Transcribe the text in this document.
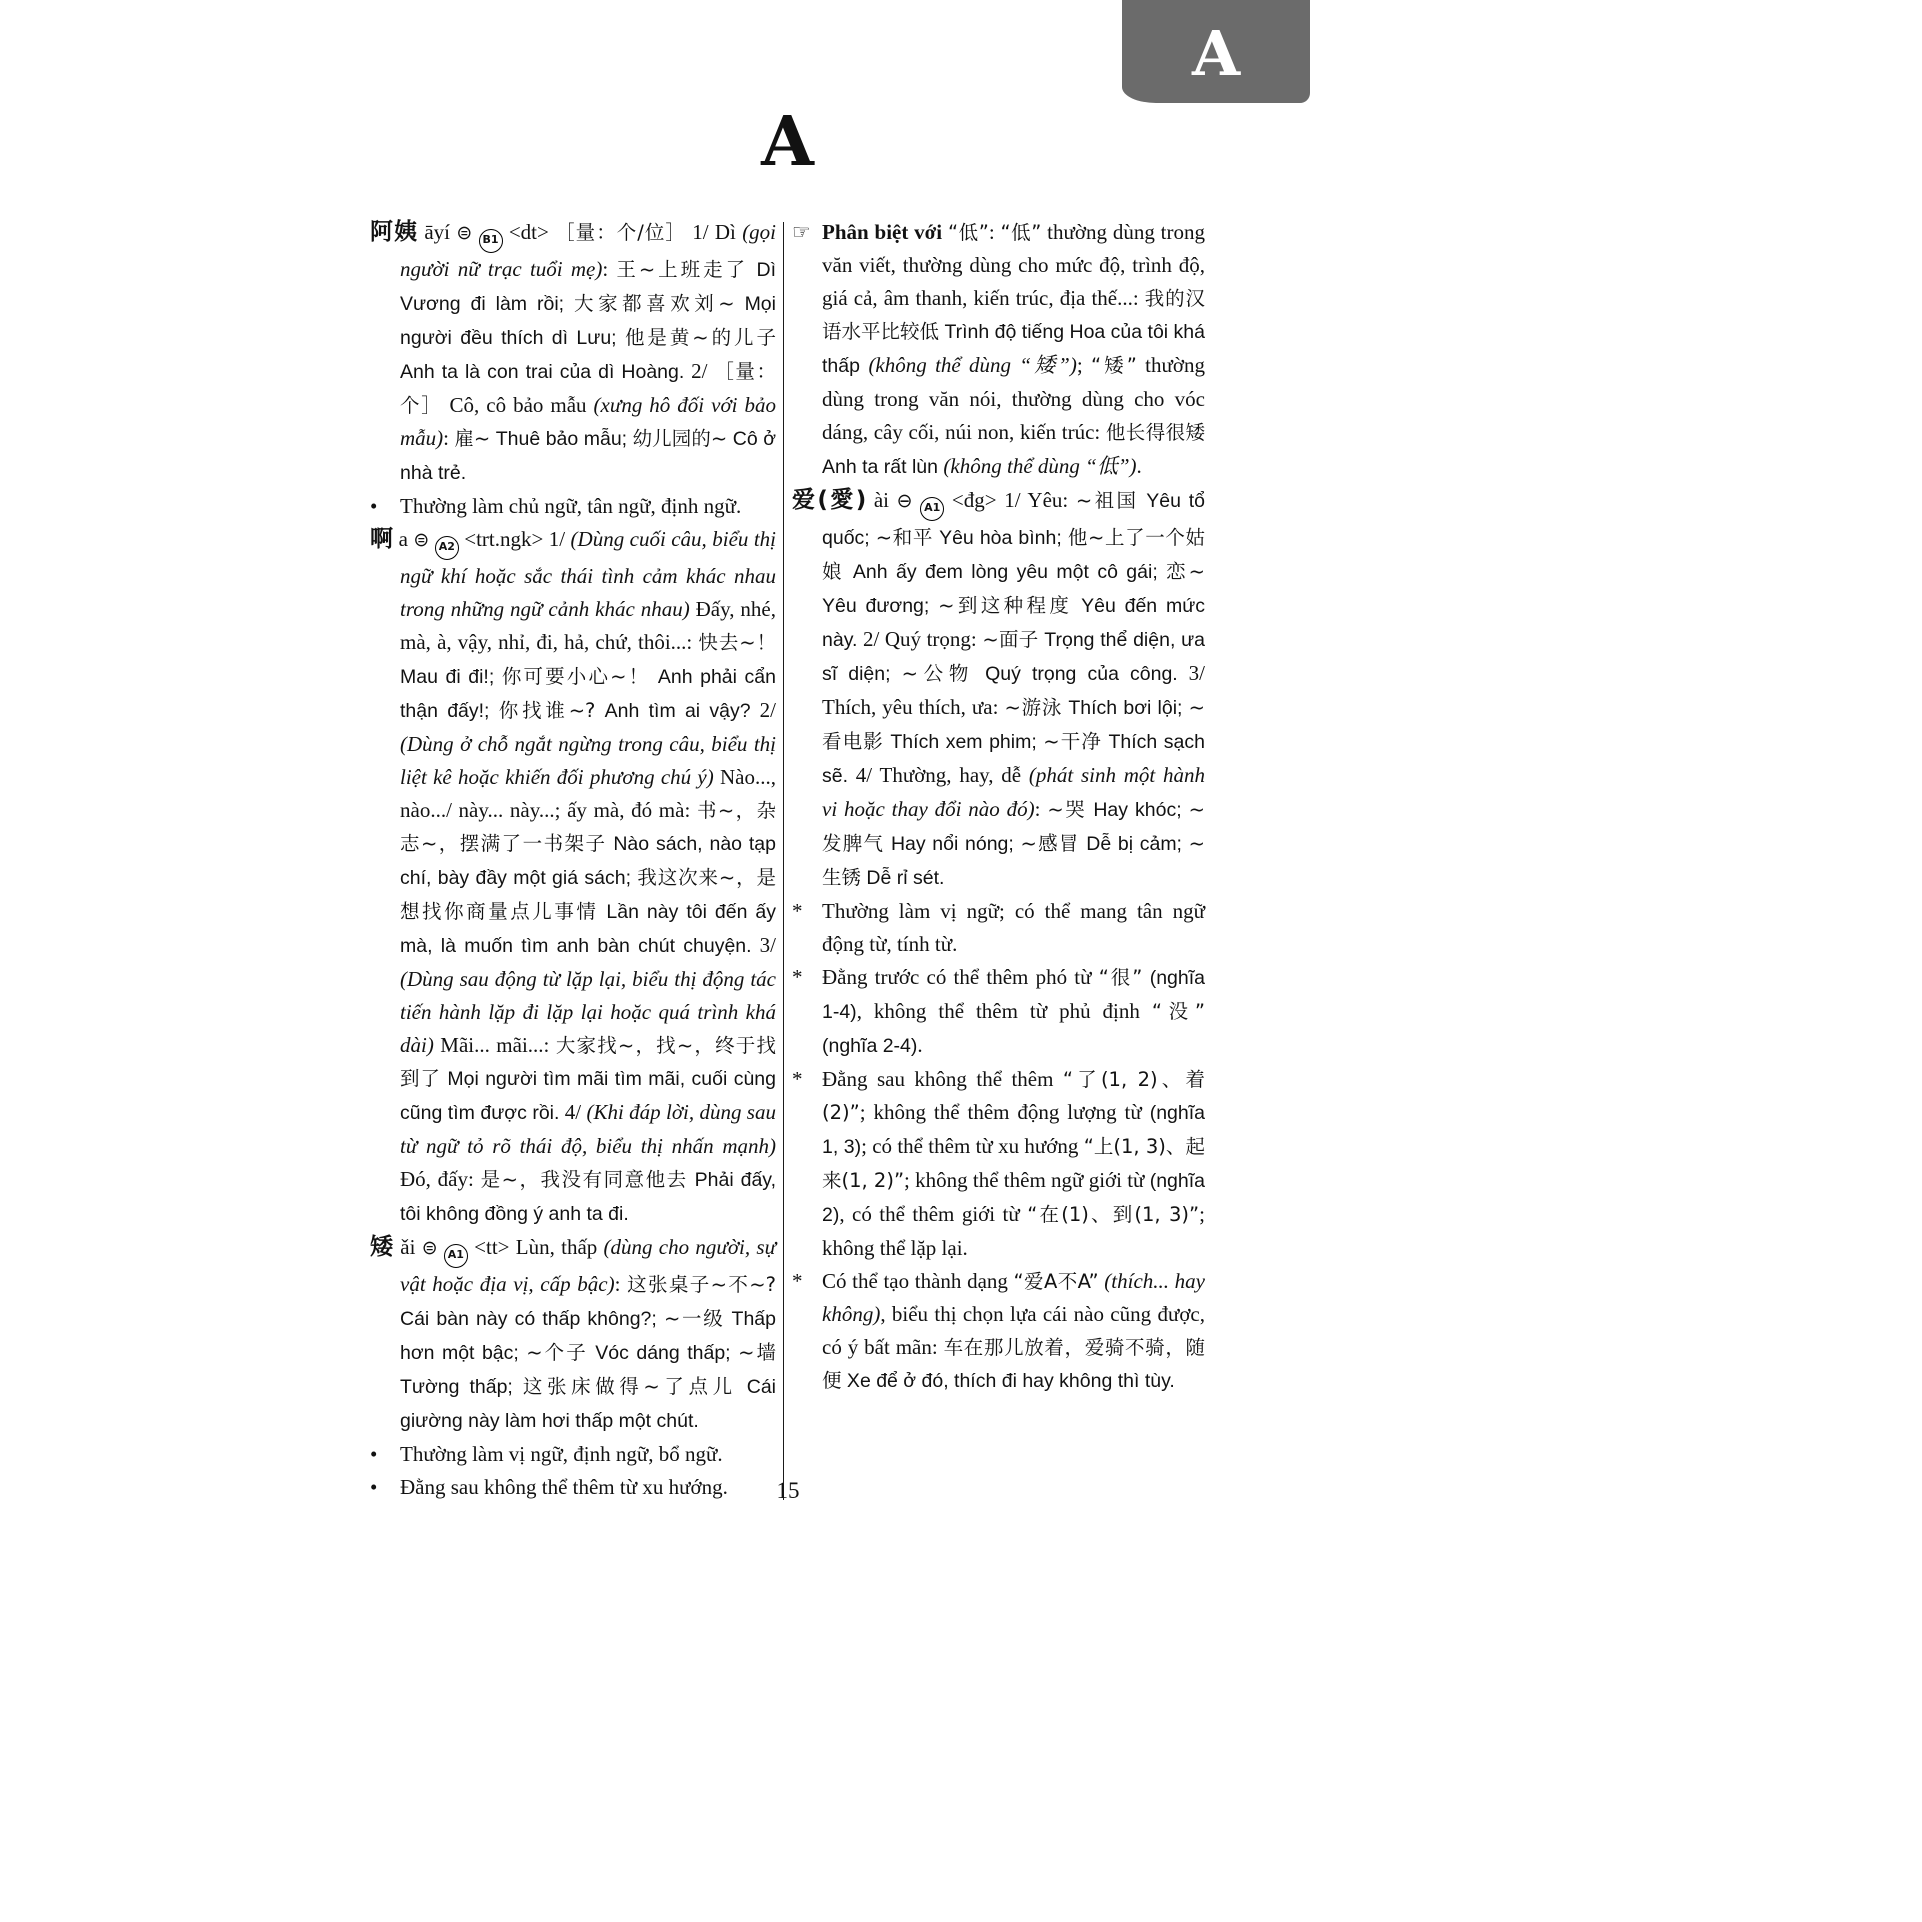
A
A
阿姨 āyí ⊜ B1 <dt> ［量：个/位］ 1/ Dì (gọi người nữ trạc tuổi mẹ): 王~上班走了 Dì Vương đi làm rồi; 大家都喜欢刘~ Mọi người đều thích dì Lưu; 他是黄~的儿子 Anh ta là con trai của dì Hoàng. 2/ ［量：个］ Cô, cô bảo mẫu (xưng hô đối với bảo mẫu): 雇~ Thuê bảo mẫu; 幼儿园的~ Cô ở nhà trẻ.
• Thường làm chủ ngữ, tân ngữ, định ngữ.
啊 a ⊜ A2 <trt.ngk> 1/ (Dùng cuối câu, biểu thị ngữ khí hoặc sắc thái tình cảm khác nhau trong những ngữ cảnh khác nhau) Đấy, nhé, mà, à, vậy, nhỉ, đi, hả, chứ, thôi...: 快去~！ Mau đi đi!; 你可要小心~！ Anh phải cẩn thận đấy!; 你找谁~? Anh tìm ai vậy? 2/ (Dùng ở chỗ ngắt ngừng trong câu, biểu thị liệt kê hoặc khiến đối phương chú ý) Nào..., nào.../ này... này...; ấy mà, đó mà: 书~，杂志~，摆满了一书架子 Nào sách, nào tạp chí, bày đầy một giá sách; 我这次来~，是想找你商量点儿事情 Lần này tôi đến ấy mà, là muốn tìm anh bàn chút chuyện. 3/ (Dùng sau động từ lặp lại, biểu thị động tác tiến hành lặp đi lặp lại hoặc quá trình khá dài) Mãi... mãi...: 大家找~，找~，终于找到了 Mọi người tìm mãi tìm mãi, cuối cùng cũng tìm được rồi. 4/ (Khi đáp lời, dùng sau từ ngữ tỏ rõ thái độ, biểu thị nhấn mạnh) Đó, đấy: 是~，我没有同意他去 Phải đấy, tôi không đồng ý anh ta đi.
矮 ǎi ⊜ A1 <tt> Lùn, thấp (dùng cho người, sự vật hoặc địa vị, cấp bậc): 这张桌子~不~? Cái bàn này có thấp không?; ~一级 Thấp hơn một bậc; ~个子 Vóc dáng thấp; ~墙 Tường thấp; 这张床做得~了点儿 Cái giường này làm hơi thấp một chút.
• Thường làm vị ngữ, định ngữ, bổ ngữ.
• Đằng sau không thể thêm từ xu hướng.
☞ Phân biệt với “低”: “低” thường dùng trong văn viết, thường dùng cho mức độ, trình độ, giá cả, âm thanh, kiến trúc, địa thế...: 我的汉语水平比较低 Trình độ tiếng Hoa của tôi khá thấp (không thể dùng “矮”); “矮” thường dùng trong văn nói, thường dùng cho vóc dáng, cây cối, núi non, kiến trúc: 他长得很矮 Anh ta rất lùn (không thể dùng “低”).
爱(愛) ài ⊖ A1 <đg> 1/ Yêu: ~祖国 Yêu tổ quốc; ~和平 Yêu hòa bình; 他~上了一个姑娘 Anh ấy đem lòng yêu một cô gái; 恋~ Yêu đương; ~到这种程度 Yêu đến mức này. 2/ Quý trọng: ~面子 Trọng thể diện, ưa sĩ diện; ~公物 Quý trọng của công. 3/ Thích, yêu thích, ưa: ~游泳 Thích bơi lội; ~看电影 Thích xem phim; ~干净 Thích sạch sẽ. 4/ Thường, hay, dễ (phát sinh một hành vi hoặc thay đổi nào đó): ~哭 Hay khóc; ~发脾气 Hay nổi nóng; ~感冒 Dễ bị cảm; ~生锈 Dễ rỉ sét.
* Thường làm vị ngữ; có thể mang tân ngữ động từ, tính từ.
* Đằng trước có thể thêm phó từ “很” (nghĩa 1-4), không thể thêm từ phủ định “没” (nghĩa 2-4).
* Đằng sau không thể thêm “了(1, 2)、着(2)”; không thể thêm động lượng từ (nghĩa 1, 3); có thể thêm từ xu hướng “上(1, 3)、起来(1, 2)”; không thể thêm ngữ giới từ (nghĩa 2), có thể thêm giới từ “在(1)、到(1, 3)”; không thể lặp lại.
* Có thể tạo thành dạng “爱A不A” (thích... hay không), biểu thị chọn lựa cái nào cũng được, có ý bất mãn: 车在那儿放着，爱骑不骑，随便 Xe để ở đó, thích đi hay không thì tùy.
15
